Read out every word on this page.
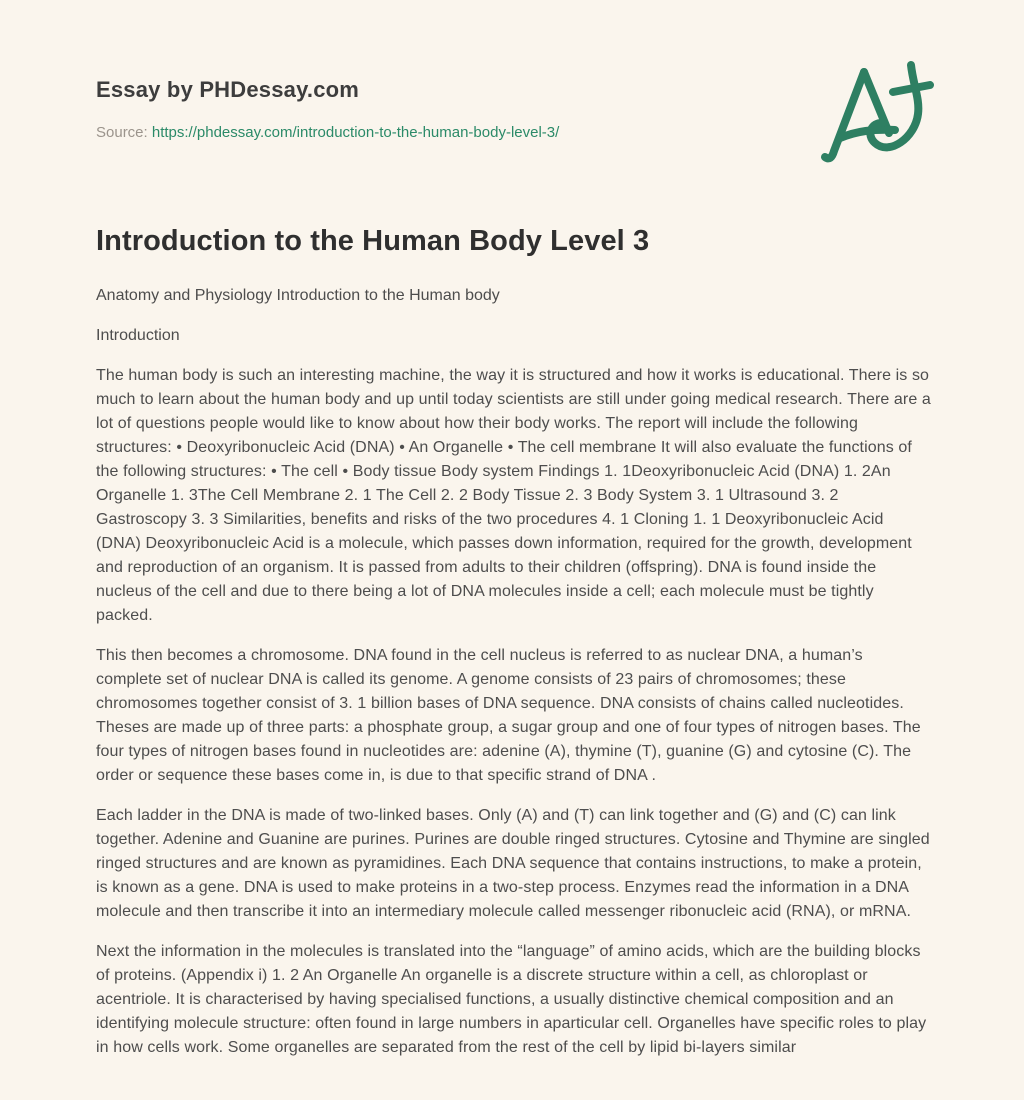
Essay by PHDessay.com
Source: https://phdessay.com/introduction-to-the-human-body-level-3/
Introduction to the Human Body Level 3

Anatomy and Physiology Introduction to the Human body

Introduction

The human body is such an interesting machine, the way it is structured and how it works is educational. There is so much to learn about the human body and up until today scientists are still under going medical research. There are a lot of questions people would like to know about how their body works. The report will include the following structures: • Deoxyribonucleic Acid (DNA) • An Organelle • The cell membrane It will also evaluate the functions of the following structures: • The cell • Body tissue Body system Findings 1. 1Deoxyribonucleic Acid (DNA) 1. 2An Organelle 1. 3The Cell Membrane 2. 1 The Cell 2. 2 Body Tissue 2. 3 Body System 3. 1 Ultrasound 3. 2 Gastroscopy 3. 3 Similarities, benefits and risks of the two procedures 4. 1 Cloning 1. 1 Deoxyribonucleic Acid (DNA) Deoxyribonucleic Acid is a molecule, which passes down information, required for the growth, development and reproduction of an organism. It is passed from adults to their children (offspring). DNA is found inside the nucleus of the cell and due to there being a lot of DNA molecules inside a cell; each molecule must be tightly packed.

This then becomes a chromosome. DNA found in the cell nucleus is referred to as nuclear DNA, a human’s complete set of nuclear DNA is called its genome. A genome consists of 23 pairs of chromosomes; these chromosomes together consist of 3. 1 billion bases of DNA sequence. DNA consists of chains called nucleotides. Theses are made up of three parts: a phosphate group, a sugar group and one of four types of nitrogen bases. The four types of nitrogen bases found in nucleotides are: adenine (A), thymine (T), guanine (G) and cytosine (C). The order or sequence these bases come in, is due to that specific strand of DNA .

Each ladder in the DNA is made of two-linked bases. Only (A) and (T) can link together and (G) and (C) can link together. Adenine and Guanine are purines. Purines are double ringed structures. Cytosine and Thymine are singled ringed structures and are known as pyramidines. Each DNA sequence that contains instructions, to make a protein, is known as a gene. DNA is used to make proteins in a two-step process. Enzymes read the information in a DNA molecule and then transcribe it into an intermediary molecule called messenger ribonucleic acid (RNA), or mRNA.

Next the information in the molecules is translated into the “language” of amino acids, which are the building blocks of proteins. (Appendix i) 1. 2 An Organelle An organelle is a discrete structure within a cell, as chloroplast or acentriole. It is characterised by having specialised functions, a usually distinctive chemical composition and an identifying molecule structure: often found in large numbers in aparticular cell. Organelles have specific roles to play in how cells work. Some organelles are separated from the rest of the cell by lipid bi-layers similar
